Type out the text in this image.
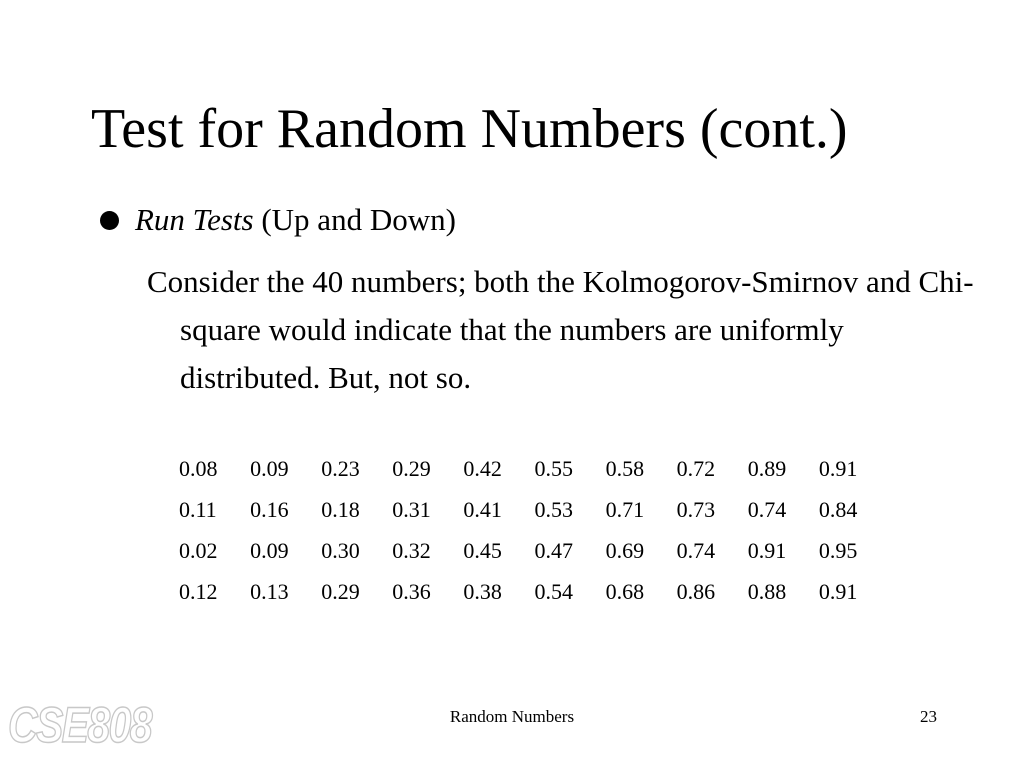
Test for Random Numbers (cont.)
Run Tests (Up and Down)
Consider the 40 numbers; both the Kolmogorov-Smirnov and Chi-square would indicate that the numbers are uniformly distributed. But, not so.
0.08	0.09	0.23	0.29	0.42	0.55	0.58	0.72	0.89	0.91
0.11	0.16	0.18	0.31	0.41	0.53	0.71	0.73	0.74	0.84
0.02	0.09	0.30	0.32	0.45	0.47	0.69	0.74	0.91	0.95
0.12	0.13	0.29	0.36	0.38	0.54	0.68	0.86	0.88	0.91
Random Numbers	23
CSE808
